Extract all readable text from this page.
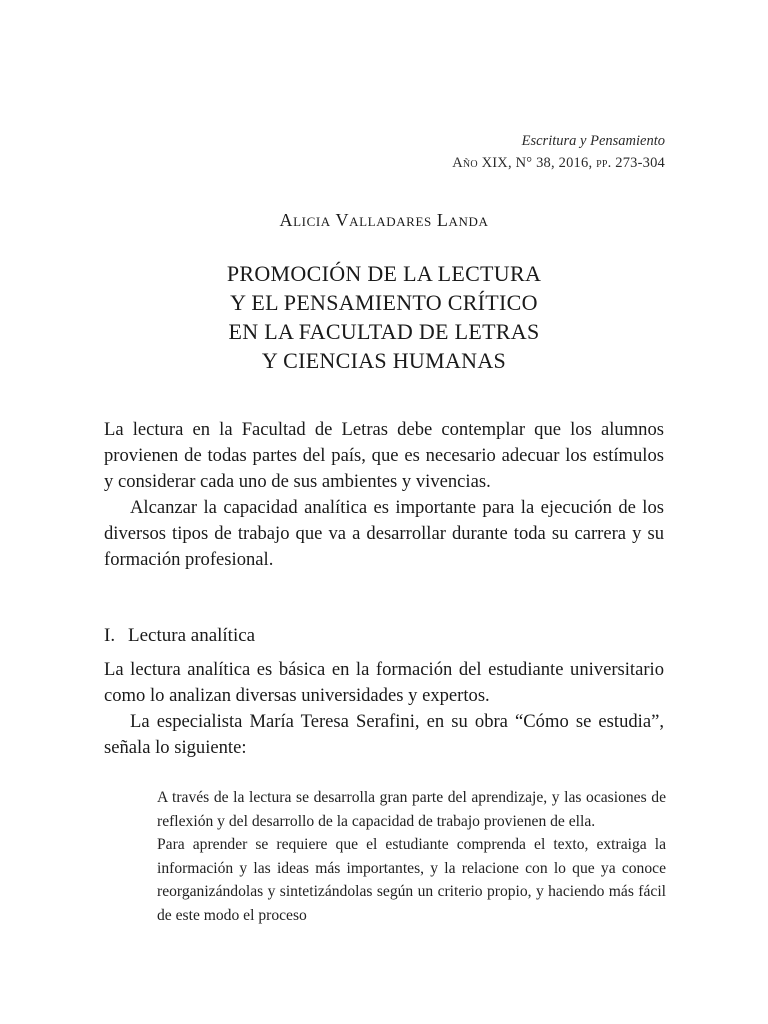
Escritura y Pensamiento
Año XIX, N° 38, 2016, pp. 273-304
Alicia Valladares Landa
PROMOCIÓN DE LA LECTURA
Y EL PENSAMIENTO CRÍTICO
EN LA FACULTAD DE LETRAS
Y CIENCIAS HUMANAS

La lectura en la Facultad de Letras debe contemplar que los alumnos provienen de todas partes del país, que es necesario adecuar los estímulos y considerar cada uno de sus ambientes y vivencias.

Alcanzar la capacidad analítica es importante para la ejecución de los diversos tipos de trabajo que va a desarrollar durante toda su carrera y su formación profesional.

I. Lectura analítica

La lectura analítica es básica en la formación del estudiante universitario como lo analizan diversas universidades y expertos.

La especialista María Teresa Serafini, en su obra “Cómo se estudia”, señala lo siguiente:

A través de la lectura se desarrolla gran parte del aprendizaje, y las ocasiones de reflexión y del desarrollo de la capacidad de trabajo provienen de ella.

Para aprender se requiere que el estudiante comprenda el texto, extraiga la información y las ideas más importantes, y la relacione con lo que ya conoce reorganizándolas y sintetizándolas según un criterio propio, y haciendo más fácil de este modo el proceso
